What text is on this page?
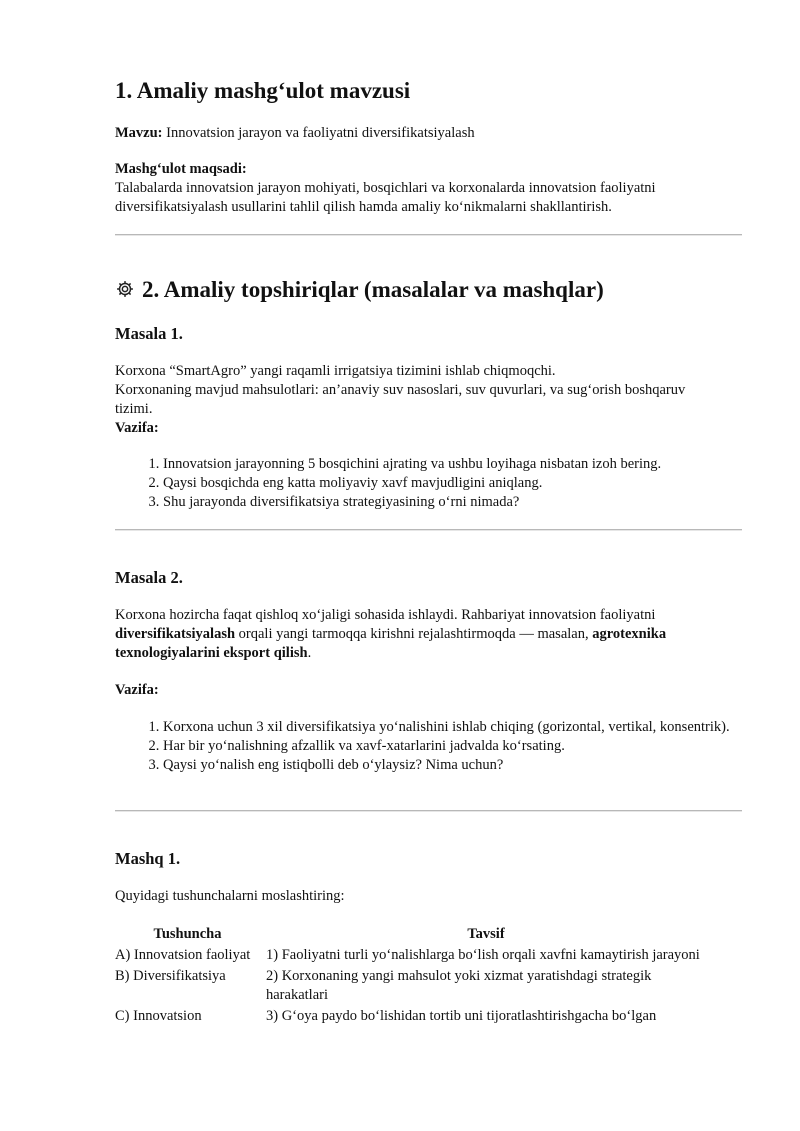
1. Amaliy mashg‘ulot mavzusi

Mavzu: Innovatsion jarayon va faoliyatni diversifikatsiyalash

Mashg‘ulot maqsadi:

Talabalarda innovatsion jarayon mohiyati, bosqichlari va korxonalarda innovatsion faoliyatni diversifikatsiyalash usullarini tahlil qilish hamda amaliy ko‘nikmalarni shakllantirish.

2. Amaliy topshiriqlar (masalalar va mashqlar)
Masala 1.

Korxona “SmartAgro” yangi raqamli irrigatsiya tizimini ishlab chiqmoqchi.

Korxonaning mavjud mahsulotlari: an’anaviy suv nasoslari, suv quvurlari, va sug‘orish boshqaruv tizimi.

Vazifa:

1. Innovatsion jarayonning 5 bosqichini ajrating va ushbu loyihaga nisbatan izoh bering.
2. Qaysi bosqichda eng katta moliyaviy xavf mavjudligini aniqlang.
3. Shu jarayonda diversifikatsiya strategiyasining o‘rni nimada?
Masala 2.

Korxona hozircha faqat qishloq xo‘jaligi sohasida ishlaydi. Rahbariyat innovatsion faoliyatni diversifikatsiyalash orqali yangi tarmoqqa kirishni rejalashtirmoqda — masalan, agrotexnika texnologiyalarini eksport qilish.

Vazifa:

1. Korxona uchun 3 xil diversifikatsiya yo‘nalishini ishlab chiqing (gorizontal, vertikal, konsentrik).
2. Har bir yo‘nalishning afzallik va xavf-xatarlarini jadvalda ko‘rsating.
3. Qaysi yo‘nalish eng istiqbolli deb o‘ylaysiz? Nima uchun?
Mashq 1.

Quyidagi tushunchalarni moslashtiring:

Tushuncha	Tavsif
A) Innovatsion faoliyat	1) Faoliyatni turli yo‘nalishlarga bo‘lish orqali xavfni kamaytirish jarayoni
B) Diversifikatsiya	2) Korxonaning yangi mahsulot yoki xizmat yaratishdagi strategik harakatlari
C) Innovatsion	3) G‘oya paydo bo‘lishidan tortib uni tijoratlashtirishgacha bo‘lgan
